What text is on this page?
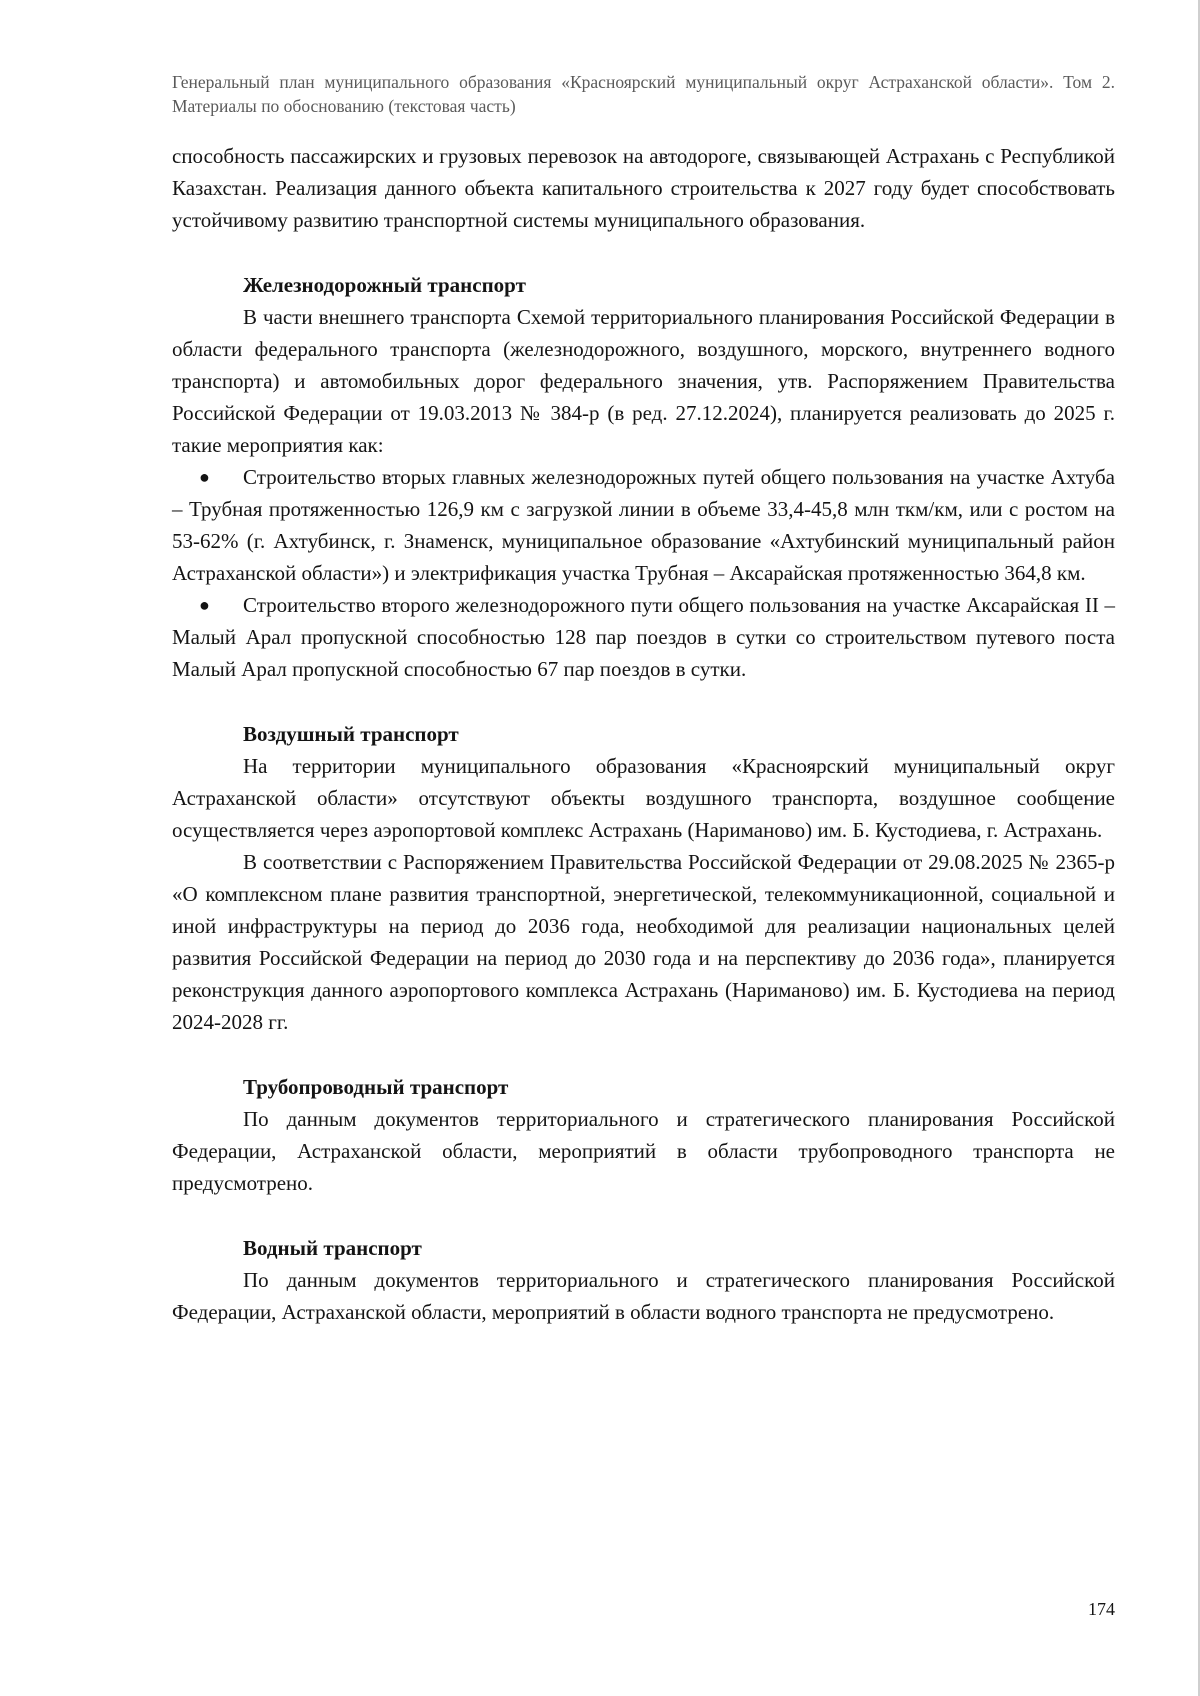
Генеральный план муниципального образования «Красноярский муниципальный округ Астраханской области». Том 2. Материалы по обоснованию (текстовая часть)

способность пассажирских и грузовых перевозок на автодороге, связывающей Астрахань с Республикой Казахстан. Реализация данного объекта капитального строительства к 2027 году будет способствовать устойчивому развитию транспортной системы муниципального образования.

Железнодорожный транспорт

В части внешнего транспорта Схемой территориального планирования Российской Федерации в области федерального транспорта (железнодорожного, воздушного, морского, внутреннего водного транспорта) и автомобильных дорог федерального значения, утв. Распоряжением Правительства Российской Федерации от 19.03.2013 № 384-р (в ред. 27.12.2024), планируется реализовать до 2025 г. такие мероприятия как:

● Строительство вторых главных железнодорожных путей общего пользования на участке Ахтуба – Трубная протяженностью 126,9 км с загрузкой линии в объеме 33,4-45,8 млн ткм/км, или с ростом на 53-62% (г. Ахтубинск, г. Знаменск, муниципальное образование «Ахтубинский муниципальный район Астраханской области») и электрификация участка Трубная – Аксарайская протяженностью 364,8 км.

● Строительство второго железнодорожного пути общего пользования на участке Аксарайская II – Малый Арал пропускной способностью 128 пар поездов в сутки со строительством путевого поста Малый Арал пропускной способностью 67 пар поездов в сутки.

Воздушный транспорт

На территории муниципального образования «Красноярский муниципальный округ Астраханской области» отсутствуют объекты воздушного транспорта, воздушное сообщение осуществляется через аэропортовой комплекс Астрахань (Нариманово) им. Б. Кустодиева, г. Астрахань.

В соответствии с Распоряжением Правительства Российской Федерации от 29.08.2025 № 2365-р «О комплексном плане развития транспортной, энергетической, телекоммуникационной, социальной и иной инфраструктуры на период до 2036 года, необходимой для реализации национальных целей развития Российской Федерации на период до 2030 года и на перспективу до 2036 года», планируется реконструкция данного аэропортового комплекса Астрахань (Нариманово) им. Б. Кустодиева на период 2024-2028 гг.

Трубопроводный транспорт

По данным документов территориального и стратегического планирования Российской Федерации, Астраханской области, мероприятий в области трубопроводного транспорта не предусмотрено.

Водный транспорт

По данным документов территориального и стратегического планирования Российской Федерации, Астраханской области, мероприятий в области водного транспорта не предусмотрено.

174
